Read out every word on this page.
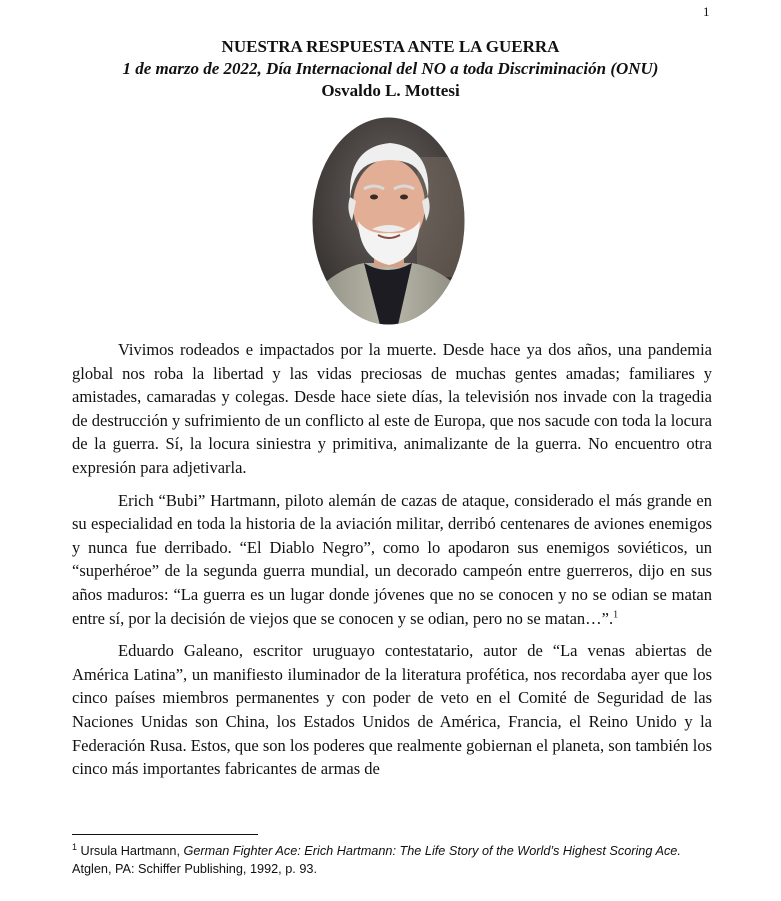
1
NUESTRA RESPUESTA ANTE LA GUERRA
1 de marzo de 2022, Día Internacional del NO a toda Discriminación (ONU)
Osvaldo L. Mottesi

Vivimos rodeados e impactados por la muerte. Desde hace ya dos años, una pandemia global nos roba la libertad y las vidas preciosas de muchas gentes amadas; familiares y amistades, camaradas y colegas. Desde hace siete días, la televisión nos invade con la tragedia de destrucción y sufrimiento de un conflicto al este de Europa, que nos sacude con toda la locura de la guerra. Sí, la locura siniestra y primitiva, animalizante de la guerra. No encuentro otra expresión para adjetivarla.

Erich “Bubi” Hartmann, piloto alemán de cazas de ataque, considerado el más grande en su especialidad en toda la historia de la aviación militar, derribó centenares de aviones enemigos y nunca fue derribado. “El Diablo Negro”, como lo apodaron sus enemigos soviéticos, un “superhéroe” de la segunda guerra mundial, un decorado campeón entre guerreros, dijo en sus años maduros: “La guerra es un lugar donde jóvenes que no se conocen y no se odian se matan entre sí, por la decisión de viejos que se conocen y se odian, pero no se matan…”.$^1$

Eduardo Galeano, escritor uruguayo contestatario, autor de “La venas abiertas de América Latina”, un manifiesto iluminador de la literatura profética, nos recordaba ayer que los cinco países miembros permanentes y con poder de veto en el Comité de Seguridad de las Naciones Unidas son China, los Estados Unidos de América, Francia, el Reino Unido y la Federación Rusa. Estos, que son los poderes que realmente gobiernan el planeta, son también los cinco más importantes fabricantes de armas de

$^1$ Ursula Hartmann, German Fighter Ace: Erich Hartmann: The Life Story of the World’s Highest Scoring Ace. Atglen, PA: Schiffer Publishing, 1992, p. 93.
